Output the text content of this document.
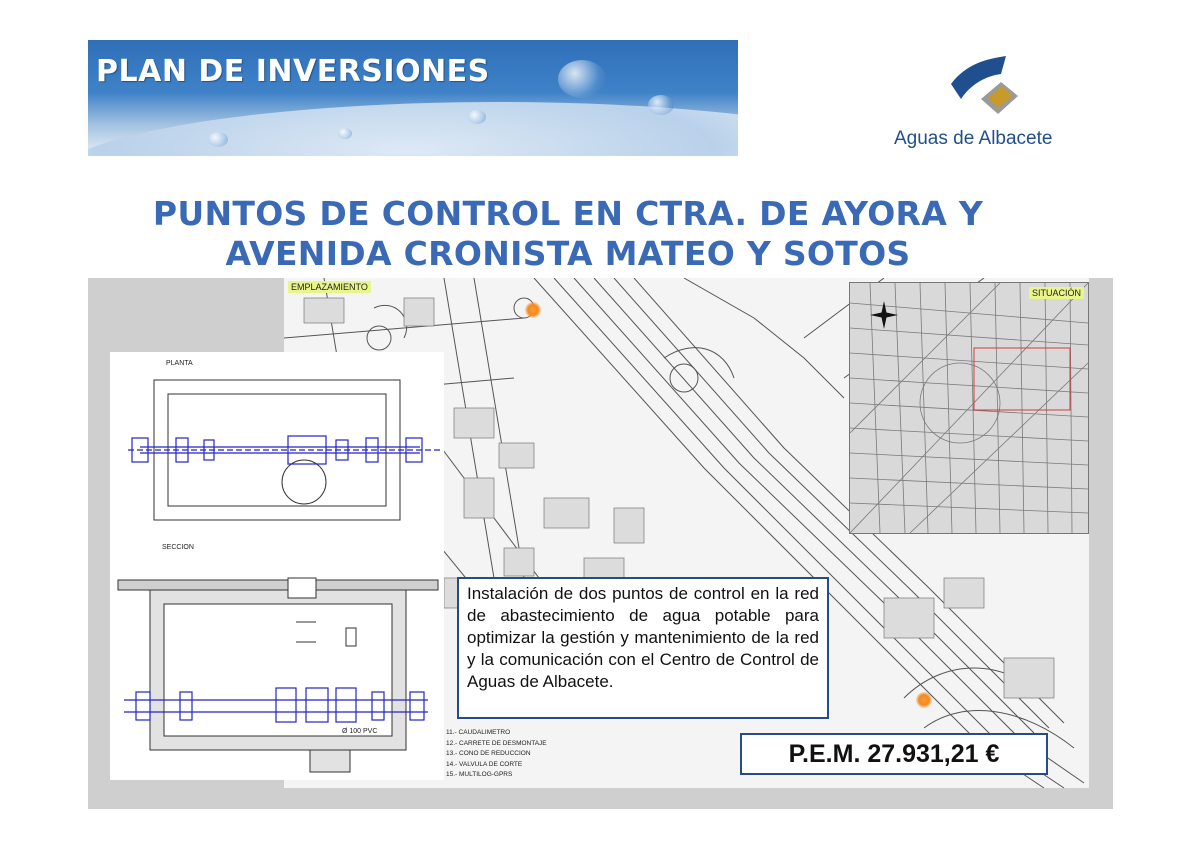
PLAN DE INVERSIONES
Aguas de Albacete
PUNTOS DE CONTROL EN CTRA. DE AYORA Y
AVENIDA CRONISTA MATEO Y SOTOS
EMPLAZAMIENTO
SITUACIÓN
PLANTA
SECCION
Ø 100 PVC	11.- CAUDALIMETRO
12.- CARRETE DE DESMONTAJE
13.- CONO DE REDUCCION
14.- VALVULA DE CORTE
15.- MULTILOG-GPRS
Instalación de dos puntos de control en la red de abastecimiento de agua potable para optimizar la gestión y mantenimiento de la red y la comunicación con el Centro de Control de Aguas de Albacete.
P.E.M. 27.931,21 €
